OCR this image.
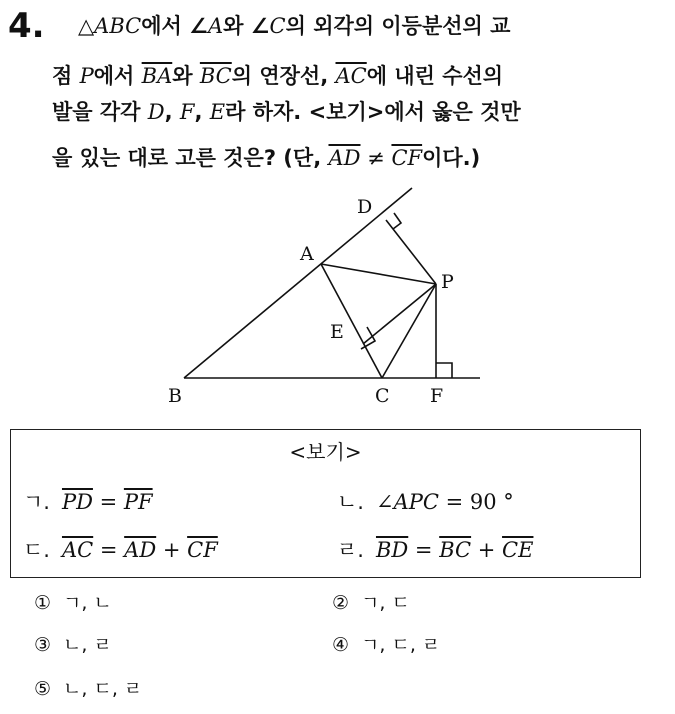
4. △ABC에서 ∠A와 ∠C의 외각의 이등분선의 교
점 P에서 $\overline{BA}$와 $\overline{BC}$의 연장선, $\overline{AC}$에 내린 수선의
발을 각각 D, F, E라 하자. <보기>에서 옳은 것만
을 있는 대로 고른 것은? (단, $\overline{AD} \ne \overline{CF}$이다.)
D
A
P
E
B	C F
<보기>
ㄱ. $\overline{PD} = \overline{PF}$	ㄴ. ∠APC = 90 °
ㄷ. $\overline{AC} = \overline{AD} + \overline{CF}$	ㄹ. $\overline{BD} = \overline{BC} + \overline{CE}$
① ㄱ, ㄴ	② ㄱ, ㄷ
③ ㄴ, ㄹ	④ ㄱ, ㄷ, ㄹ
⑤ ㄴ, ㄷ, ㄹ
